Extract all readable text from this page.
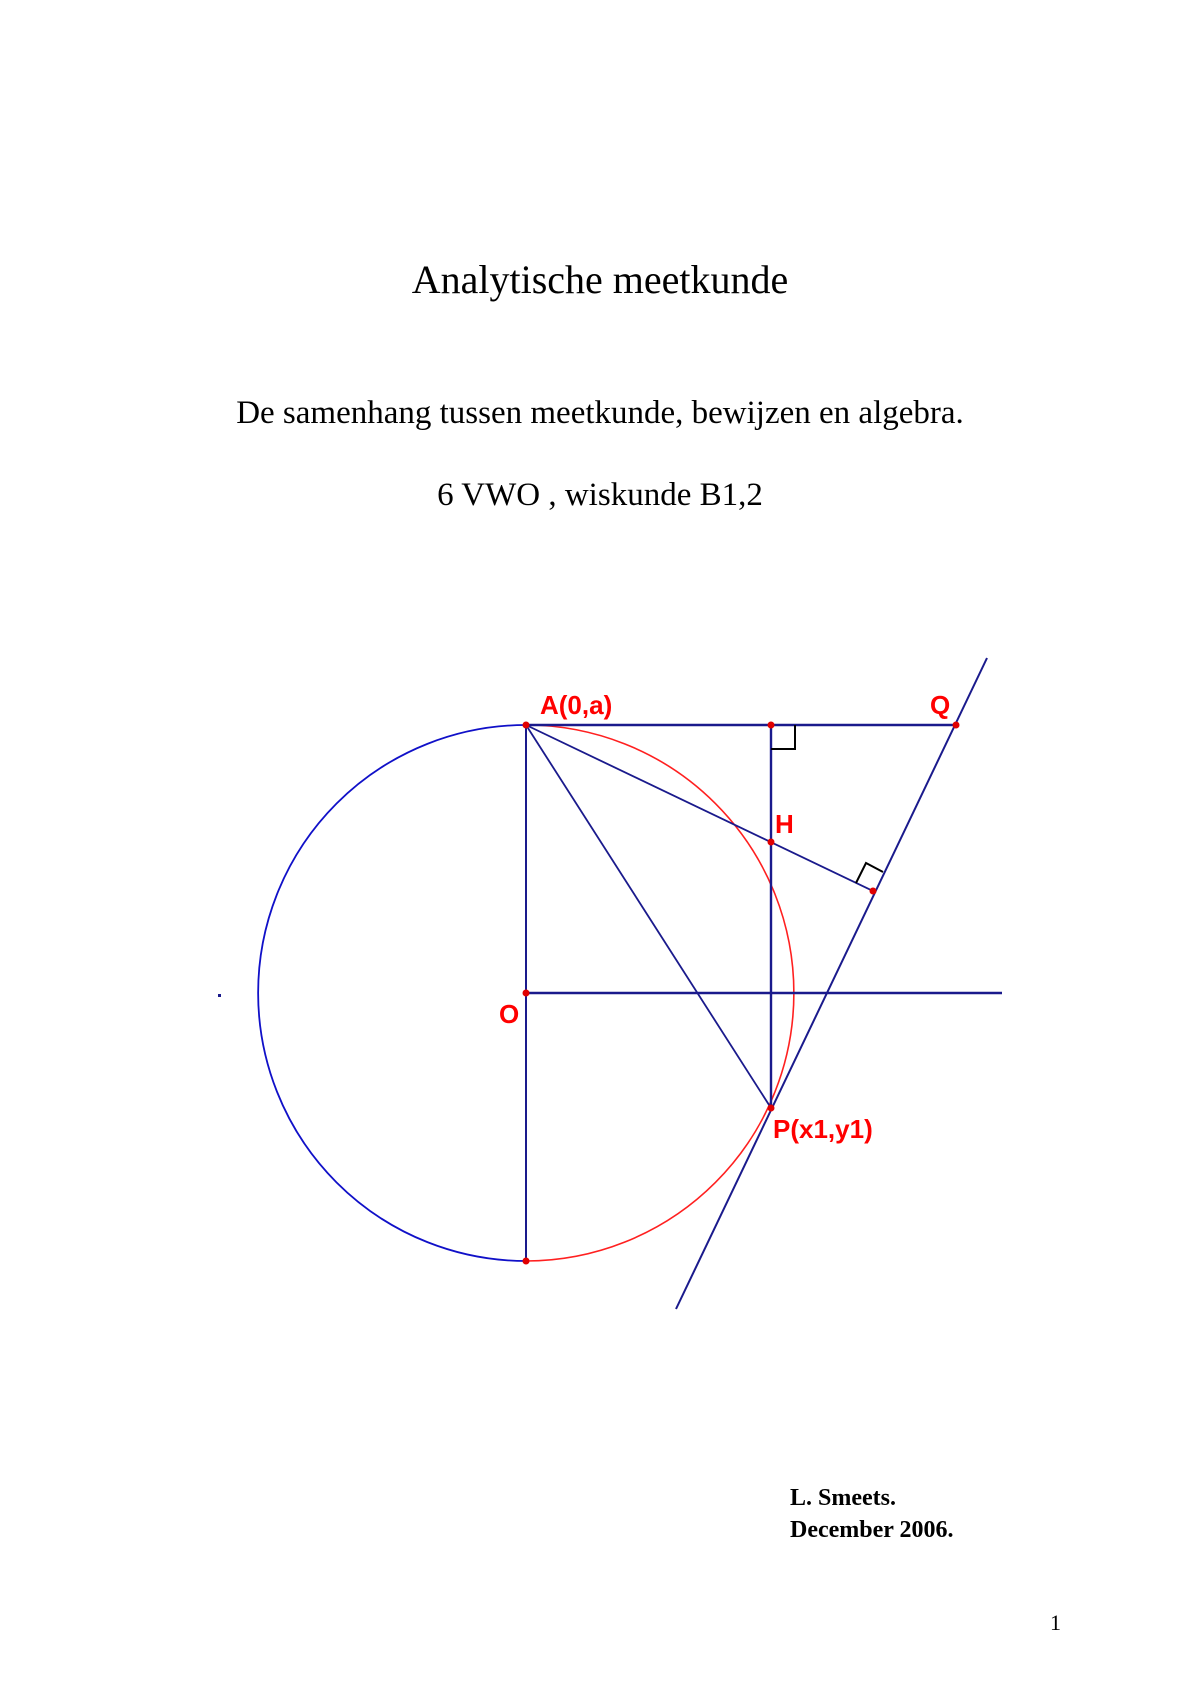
Analytische meetkunde
De samenhang tussen meetkunde, bewijzen en algebra.
6 VWO , wiskunde B1,2
A(0,a)	Q
H
O
P(x1,y1)
L. Smeets.
December 2006.
1
